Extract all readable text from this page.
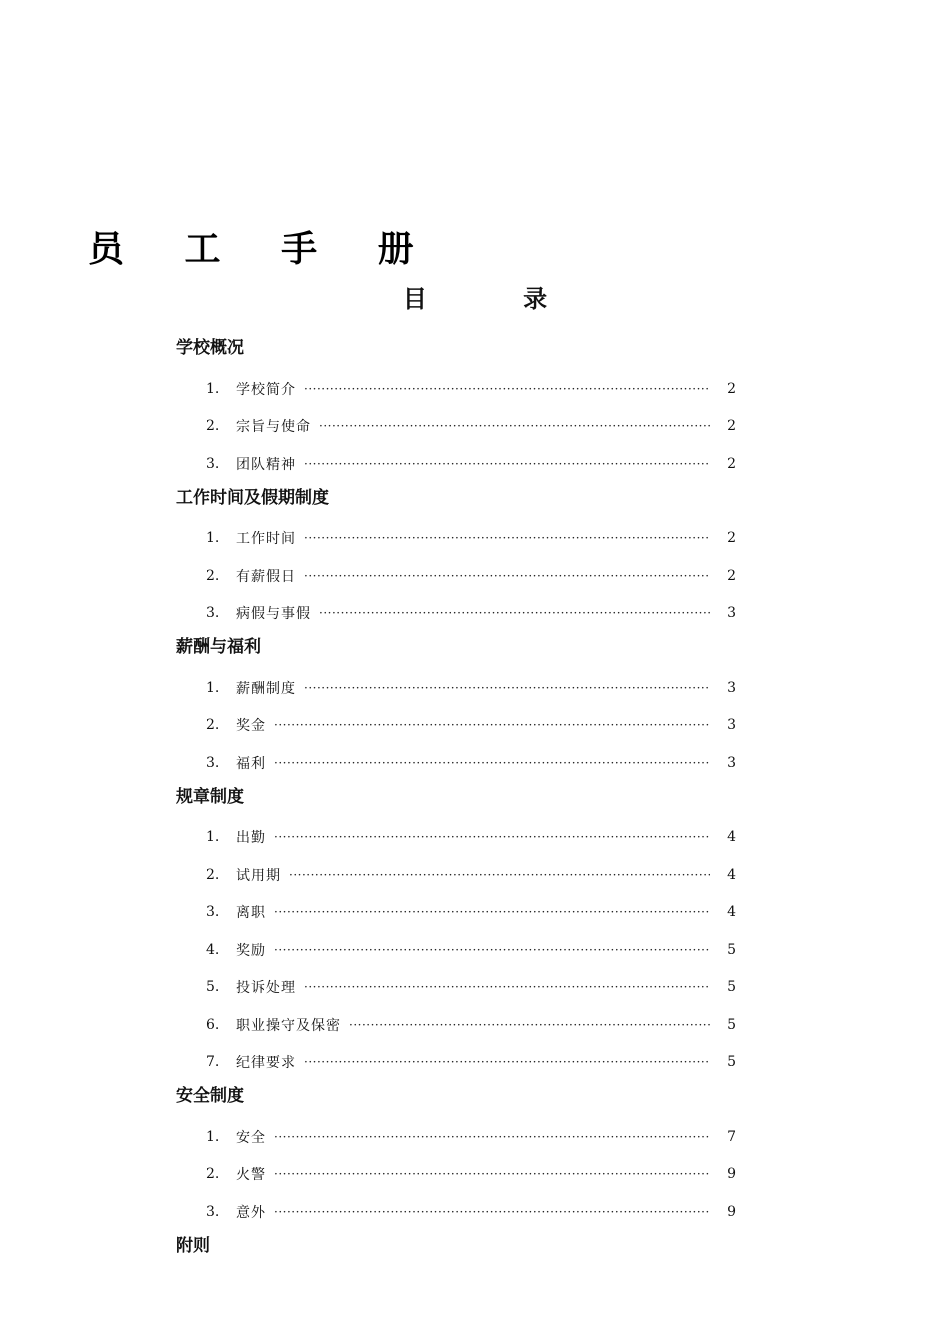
员 工 手 册
目 录
学校概况
1.	学校简介 ·····	2
2.	宗旨与使命 ·····	2
3.	团队精神 ·····	2
工作时间及假期制度
1.	工作时间 ·····	2
2.	有薪假日 ·····	2
3.	病假与事假 ·····	3
薪酬与福利
1.	薪酬制度 ·····	3
2.	奖金 ·····	3
3.	福利 ·····	3
规章制度
1.	出勤 ·····	4
2.	试用期 ·····	4
3.	离职 ·····	4
4.	奖励 ·····	5
5.	投诉处理 ·····	5
6.	职业操守及保密 ·····	5
7.	纪律要求 ·····	5
安全制度
1.	安全 ·····	7
2.	火警 ·····	9
3.	意外 ·····	9
附则
